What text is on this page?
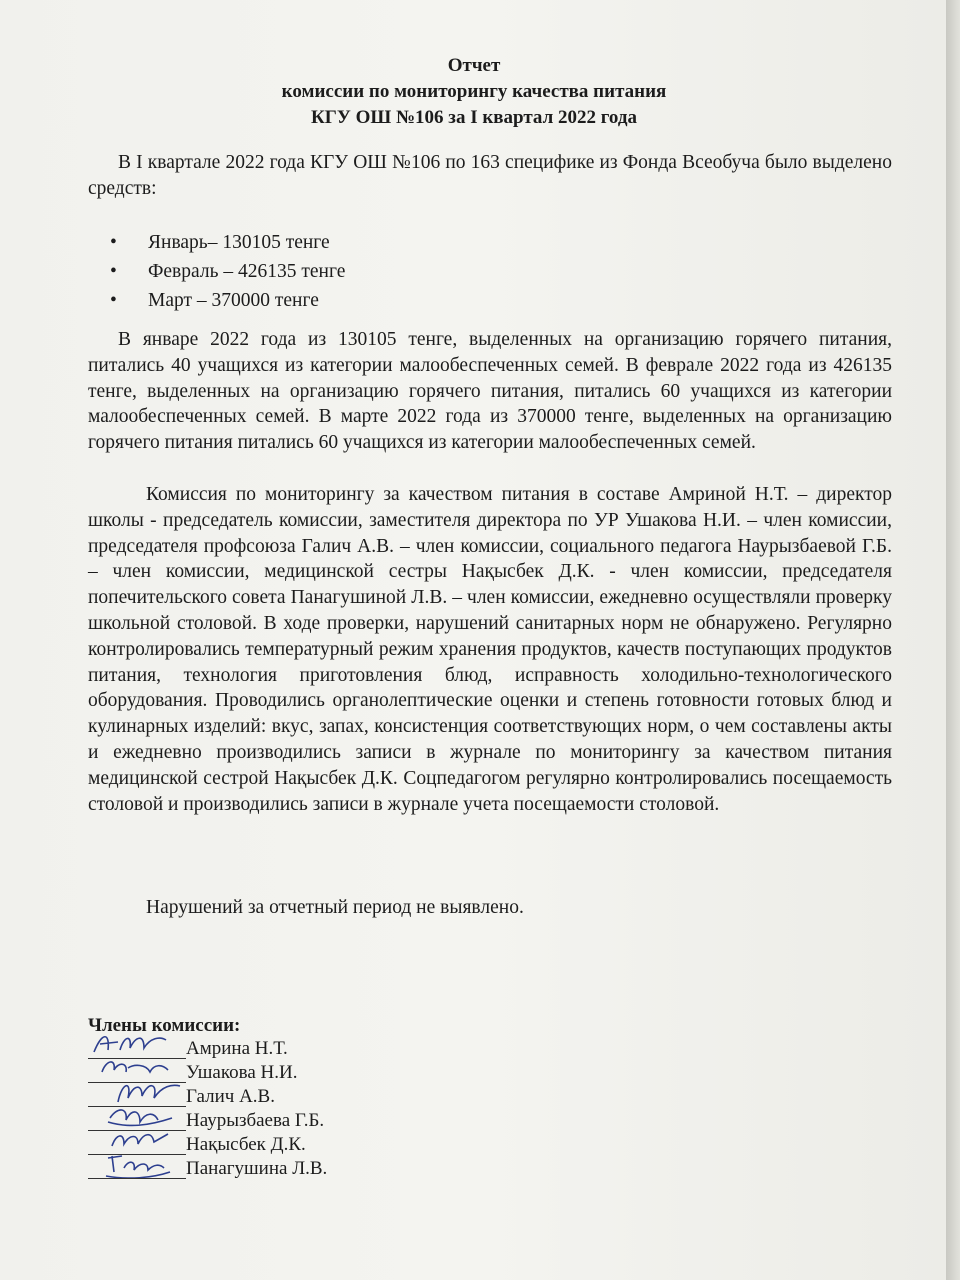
Отчет
комиссии по мониторингу качества питания
КГУ ОШ №106 за I квартал 2022 года
В I квартале 2022 года КГУ ОШ №106 по 163 специфике из Фонда Всеобуча было выделено средств:
• Январь– 130105 тенге
• Февраль – 426135 тенге
• Март – 370000 тенге
В январе 2022 года из 130105 тенге, выделенных на организацию горячего питания, питались 40 учащихся из категории малообеспеченных семей. В феврале 2022 года из 426135 тенге, выделенных на организацию горячего питания, питались 60 учащихся из категории малообеспеченных семей. В марте 2022 года из 370000 тенге, выделенных на организацию горячего питания питались 60 учащихся из категории малообеспеченных семей.
Комиссия по мониторингу за качеством питания в составе Амриной Н.Т. – директор школы - председатель комиссии, заместителя директора по УР Ушакова Н.И. – член комиссии, председателя профсоюза Галич А.В. – член комиссии, социального педагога Наурызбаевой Г.Б. – член комиссии, медицинской сестры Нақысбек Д.К. - член комиссии, председателя попечительского совета Панагушиной Л.В. – член комиссии, ежедневно осуществляли проверку школьной столовой. В ходе проверки, нарушений санитарных норм не обнаружено. Регулярно контролировались температурный режим хранения продуктов, качеств поступающих продуктов питания, технология приготовления блюд, исправность холодильно-технологического оборудования. Проводились органолептические оценки и степень готовности готовых блюд и кулинарных изделий: вкус, запах, консистенция соответствующих норм, о чем составлены акты и ежедневно производились записи в журнале по мониторингу за качеством питания медицинской сестрой Нақысбек Д.К. Соцпедагогом регулярно контролировались посещаемость столовой и производились записи в журнале учета посещаемости столовой.
Нарушений за отчетный период не выявлено.
Члены комиссии:
Амрина Н.Т.
Ушакова Н.И.
Галич А.В.
Наурызбаева Г.Б.
Нақысбек Д.К.
Панагушина Л.В.
